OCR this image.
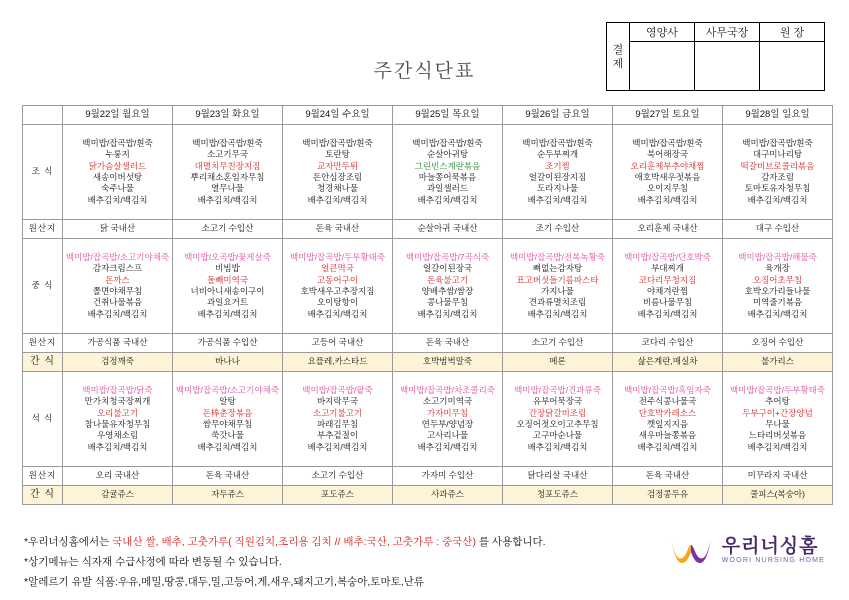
결
제	영양사	사무국장	원 장

주간식단표
	9월22일 월요일	9월23일 화요일	9월24일 수요일	9월25일 목요일	9월26일 금요일	9월27일 토요일	9월28일 일요일
조 식	
백미밥/잡곡밥/흰죽
누룽지
닭가슴살샐러드
새송이버섯탕
숙주나물
배추김치/백김치

백미밥/잡곡밥/흰죽
소고기무국
대멸치무친장지짐
뿌리채소혼임자무침
열무나물
배추김치/백김치

백미밥/잡곡밥/흰죽
토란탕
교자만두튀
돈안심장조림
청경채나물
배추김치/백김치

백미밥/잡곡밥/흰죽
순살아귀탕
그린빈스계란볶음
마늘쫑어묵볶음
과일샐러드
배추김치/백김치

백미밥/잡곡밥/흰죽
순두부찌개
조기찜
얼갈이된장지짐
도라지나물
배추김치/백김치

백미밥/잡곡밥/흰죽
북어해장국
오리훈제부추야채찜
애호박새우젓볶음
오이지무침
배추김치/백김치

백미밥/잡곡밥/흰죽
대구미나리탕
떡갈비브로콜리볶음
감자조림
토마토유자청무침
배추김치/백김치

원산지	닭 국내산	소고기 수입산	돈육 국내산	순살아귀 국내산	조기 수입산	오리훈제 국내산	대구 수입산
중 식	
백미밥/잡곡밥/소고기야채죽
감자크림스프
돈까스
쫄면야채무침
건취나물볶음
배추김치/백김치

백미밥/오곡밥/꽃게살죽
비빔밥
돌빼미역국
너비아니새송이구이
과일요거트
배추김치/백김치

백미밥/잡곡밥/두부황태죽
얼큰멱국
고동어구이
호박새우고추장지짐
오이탕항이
배추김치/백김치

백미밥/잡곡밥/7곡식죽
얼갈이된장국
돈육불고기
양배추쌈/쌈장
콩나물무침
배추김치/백김치

백미밥/잡곡밥/전복녹황죽
뼈없는감자탕
표고버섯들기름파스타
가지나물
견과류멸치조림
배추김치/백김치

백미밥/잡곡밥/단호박죽
부대찌개
코다리무청지짐
야채겨란찜
비름나물무침
배추김치/백김치

백미밥/잡곡밥/해물죽
육개장
오징어초무침
호박오가리들나물
미역줄기볶음
배추김치/백김치

원산지	가공식품 국내산	가공식품 수입산	고등어 국내산	돈육 국내산	소고기 수입산	코다리 수입산	오징어 수입산
간 식	검정깨죽	바나나	요플레,카스타드	호박범벅말죽	메론	삶은계란,매실차	불가리스
석 식	
백미밥/잡곡밥/닭죽
만가치청국장찌개
오리불고기
참나물유자청무침
우영채소림
배추김치/백김치

백미밥/잡곡밥/소고기야채죽
알탕
돈棒춘장볶음
쌈무야채무침
쑥갓나물
배추김치/백김치

백미밥/잡곡밥/팥죽
바지락무국
소고기불고기
파래김무침
부추겉절이
배추김치/백김치

백미밥/잡곡밥/차조콜리죽
소고기미역국
가자미무침
연두부/양념장
고사리나물
배추김치/백김치

백미밥/잡곡밥/견과류죽
유부어묵장국
간장닭갈비조림
오징어젓오이고추무침
고구마순나물
배추김치/백김치

백미밥/잡곡밥/흑임자죽
전주식콩나물국
단호박카레소스
깻잎지지음
새우마늘쫑볶음
배추김치/백김치

백미밥/잡곡밥/두부황태죽
추어탕
두부구이+간장양념
무나물
느타리버섯볶음
배추김치/백김치

원산지	오리 국내산	돈육 국내산	소고기 수입산	가자미 수입산	닭다리살 국내산	돈육 국내산	미꾸라지 국내산
간 식	감귤쥬스	자두쥬스	포도쥬스	사과쥬스	청포도쥬스	검정콩두유	쿨피스(복숭아)
*우리너싱홈에서는 국내산 쌀, 배추, 고춧가루( 직원김치,조리용 김치 // 배추:국산, 고춧가루 : 중국산) 를 사용합니다.
*상기메뉴는 식자재 수급사정에 따라 변동될 수 있습니다.
*알레르기 유발 식품:우유,메밀,땅콩,대두,밀,고등어,게,새우,돼지고기,복숭아,토마토,난류
우리너싱홈
WOORI NURSING HOME
